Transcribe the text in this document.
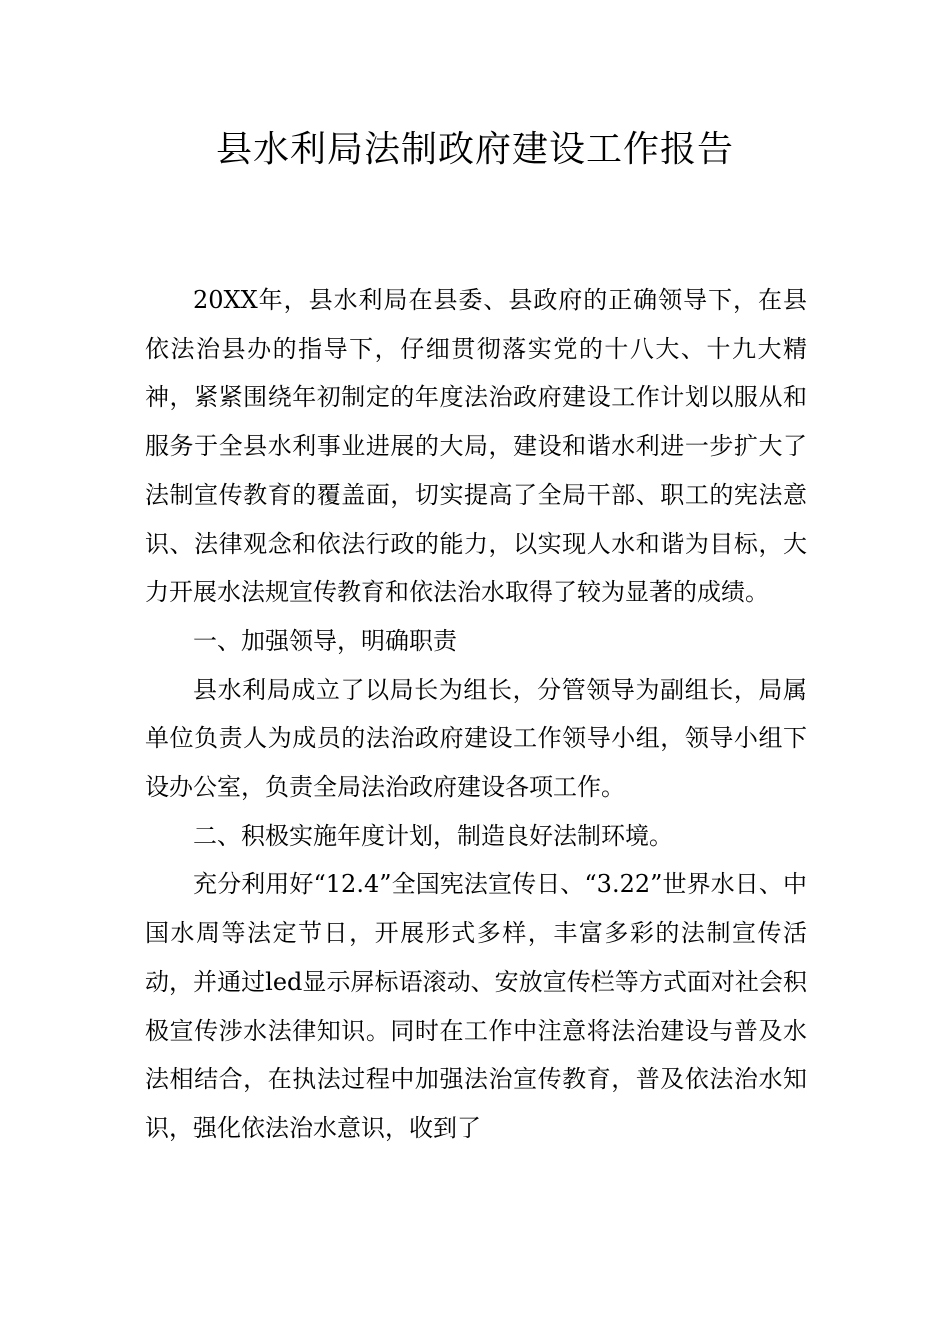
县水利局法制政府建设工作报告

20XX年，县水利局在县委、县政府的正确领导下，在县依法治县办的指导下，仔细贯彻落实党的十八大、十九大精神，紧紧围绕年初制定的年度法治政府建设工作计划以服从和服务于全县水利事业进展的大局，建设和谐水利进一步扩大了法制宣传教育的覆盖面，切实提高了全局干部、职工的宪法意识、法律观念和依法行政的能力，以实现人水和谐为目标，大力开展水法规宣传教育和依法治水取得了较为显著的成绩。

一、加强领导，明确职责

县水利局成立了以局长为组长，分管领导为副组长，局属单位负责人为成员的法治政府建设工作领导小组，领导小组下设办公室，负责全局法治政府建设各项工作。

二、积极实施年度计划，制造良好法制环境。

充分利用好“12.4”全国宪法宣传日、“3.22”世界水日、中国水周等法定节日，开展形式多样，丰富多彩的法制宣传活动，并通过led显示屏标语滚动、安放宣传栏等方式面对社会积极宣传涉水法律知识。同时在工作中注意将法治建设与普及水法相结合，在执法过程中加强法治宣传教育，普及依法治水知识，强化依法治水意识，收到了
